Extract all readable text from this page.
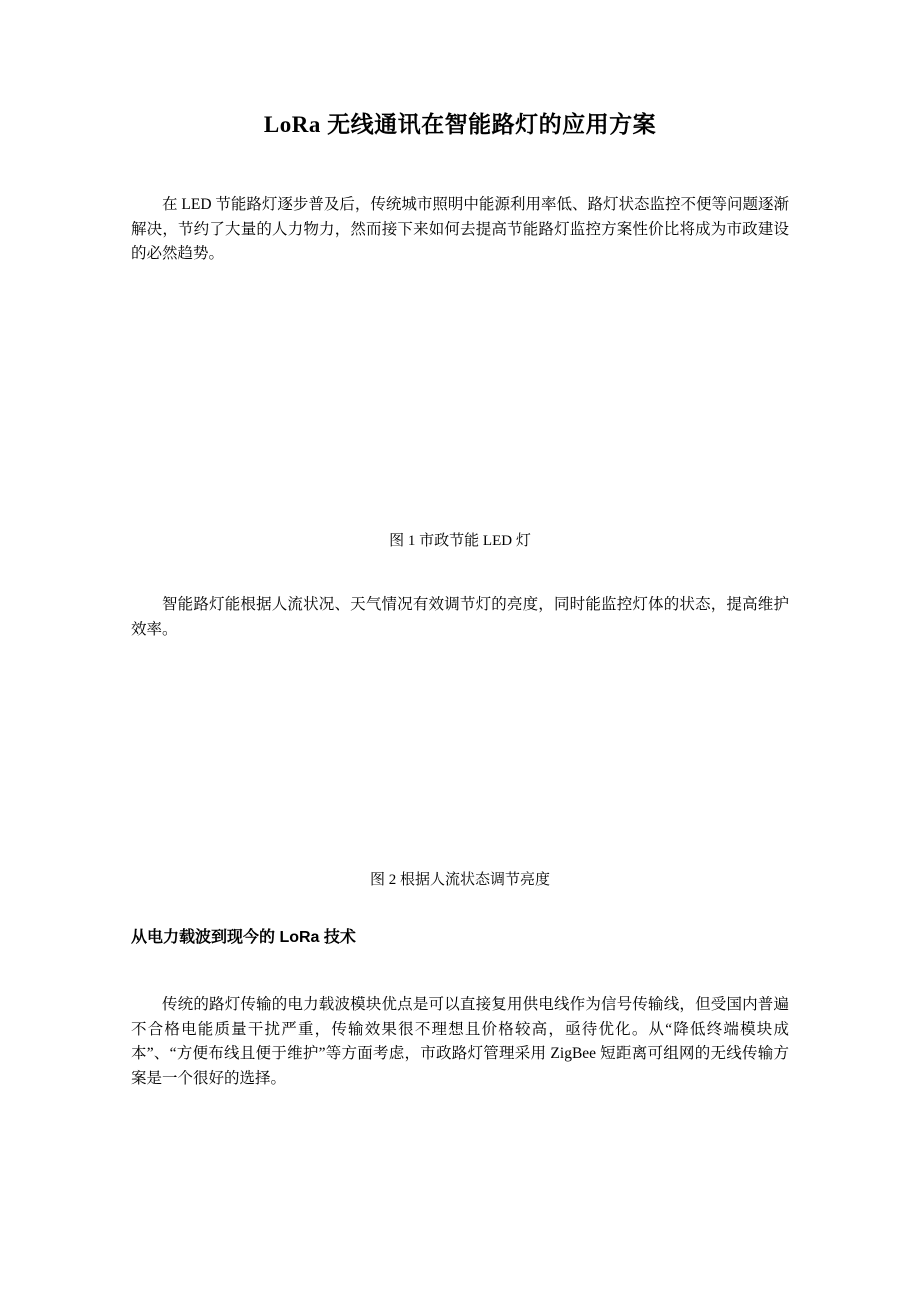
LoRa 无线通讯在智能路灯的应用方案

在 LED 节能路灯逐步普及后，传统城市照明中能源利用率低、路灯状态监控不便等问题逐渐解决，节约了大量的人力物力，然而接下来如何去提高节能路灯监控方案性价比将成为市政建设的必然趋势。

图 1 市政节能 LED 灯

智能路灯能根据人流状况、天气情况有效调节灯的亮度，同时能监控灯体的状态，提高维护效率。

图 2 根据人流状态调节亮度
从电力载波到现今的 LoRa 技术

传统的路灯传输的电力载波模块优点是可以直接复用供电线作为信号传输线，但受国内普遍不合格电能质量干扰严重，传输效果很不理想且价格较高，亟待优化。从“降低终端模块成本”、“方便布线且便于维护”等方面考虑，市政路灯管理采用 ZigBee 短距离可组网的无线传输方案是一个很好的选择。
